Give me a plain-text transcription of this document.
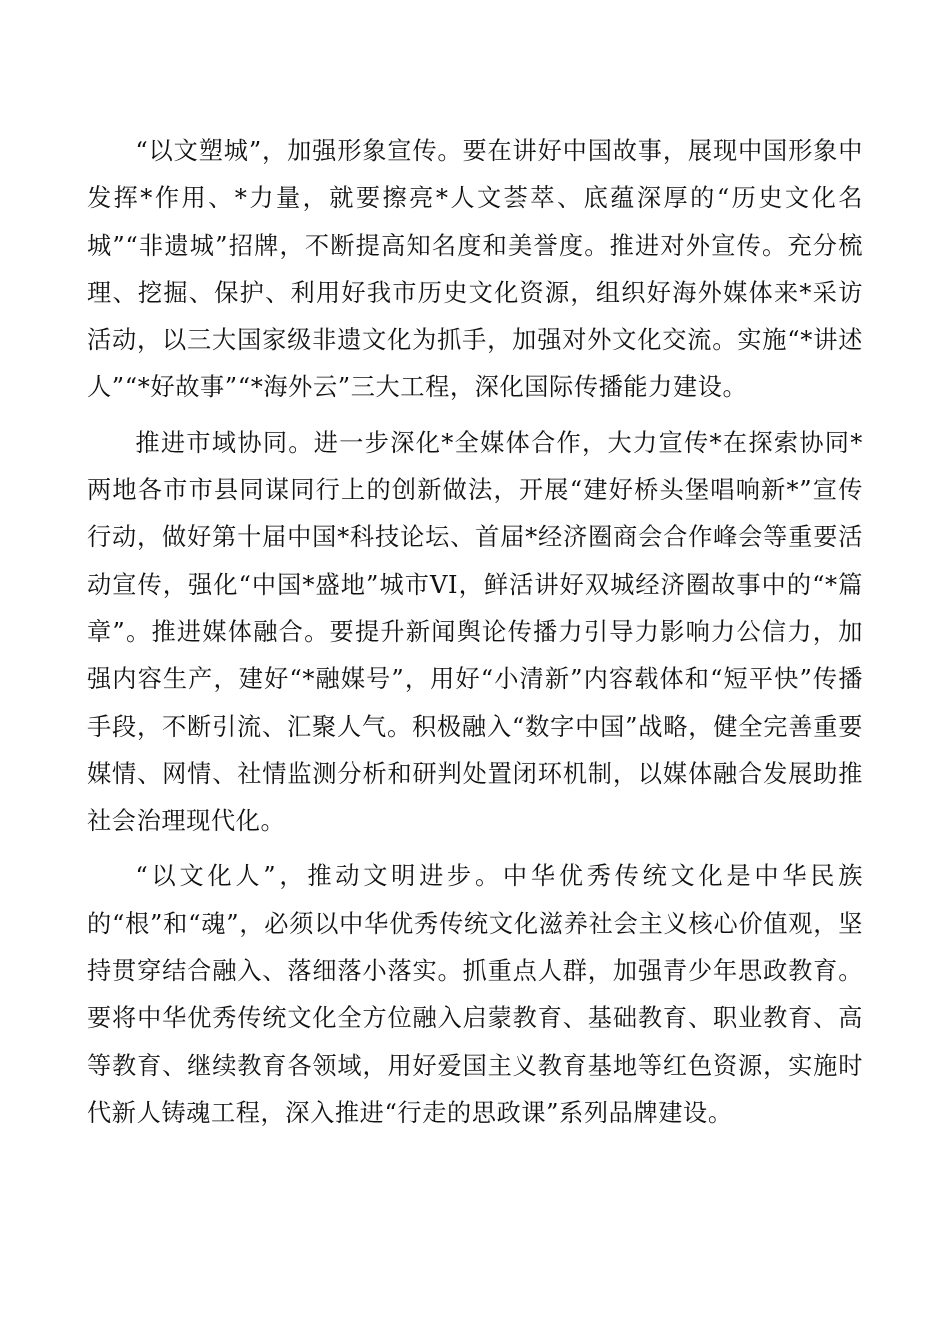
“以文塑城”，加强形象宣传。要在讲好中国故事，展现中国形象中发挥*作用、*力量，就要擦亮*人文荟萃、底蕴深厚的“历史文化名城”“非遗城”招牌，不断提高知名度和美誉度。推进对外宣传。充分梳理、挖掘、保护、利用好我市历史文化资源，组织好海外媒体来*采访活动，以三大国家级非遗文化为抓手，加强对外文化交流。实施“*讲述人”“*好故事”“*海外云”三大工程，深化国际传播能力建设。

推进市域协同。进一步深化*全媒体合作，大力宣传*在探索协同*两地各市市县同谋同行上的创新做法，开展“建好桥头堡唱响新*”宣传行动，做好第十届中国*科技论坛、首届*经济圈商会合作峰会等重要活动宣传，强化“中国*盛地”城市VI，鲜活讲好双城经济圈故事中的“*篇章”。推进媒体融合。要提升新闻舆论传播力引导力影响力公信力，加强内容生产，建好“*融媒号”，用好“小清新”内容载体和“短平快”传播手段，不断引流、汇聚人气。积极融入“数字中国”战略，健全完善重要媒情、网情、社情监测分析和研判处置闭环机制，以媒体融合发展助推社会治理现代化。

“以文化人”，推动文明进步。中华优秀传统文化是中华民族的“根”和“魂”，必须以中华优秀传统文化滋养社会主义核心价值观，坚持贯穿结合融入、落细落小落实。抓重点人群，加强青少年思政教育。要将中华优秀传统文化全方位融入启蒙教育、基础教育、职业教育、高等教育、继续教育各领域，用好爱国主义教育基地等红色资源，实施时代新人铸魂工程，深入推进“行走的思政课”系列品牌建设。
